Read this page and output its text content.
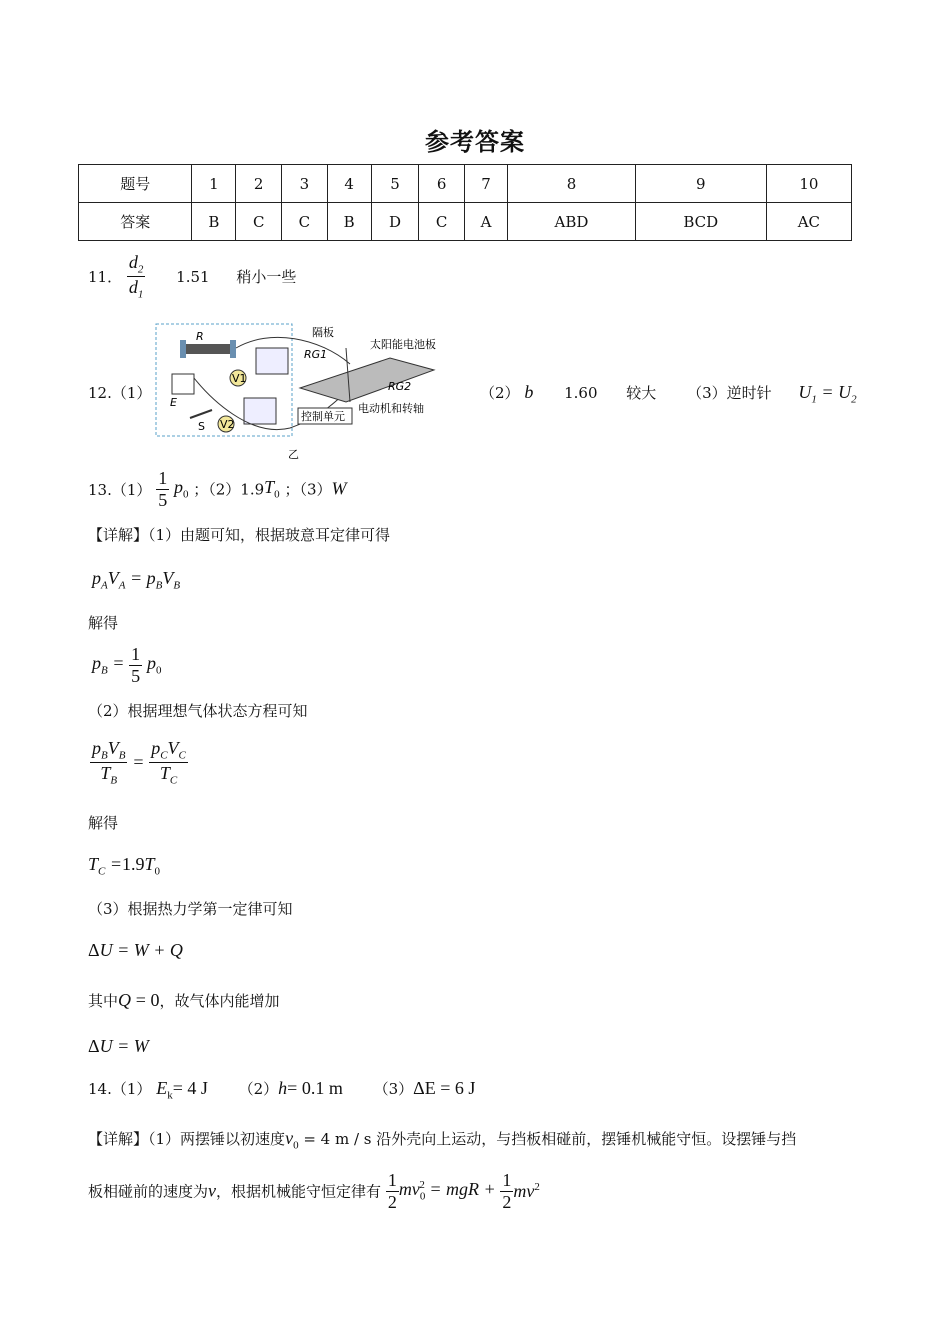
参考答案
题号	1	2	3	4	5	6	7	8	9	10
答案	B	C	C	B	D	C	A	ABD	BCD	AC
11． $\frac{d_2}{d_1} 1.51$ 稍小一些
12.（1）
R
E
S
V1
V2
隔板
太阳能电池板
RG1
RG2
控制单元
电动机和转轴
乙
（2） b 1.60 较大 （3）逆时针 $U_1 = U_2$
$13.(1) \frac{1}{5} p_0$ ；$(2)1.9T_0$ ；（3）W
【详解】（1）由题可知，根据玻意耳定律可得
$p_AV_A = p_BV_B$
解得
$p_B = \frac{1}{5} p_0$
（2）根据理想气体状态方程可知
$\frac{p_BV_B}{T_B} = \frac{p_CV_C}{T_C}$
解得
$T_C =1.9T_0$
（3）根据热力学第一定律可知
ΔU = W + Q
其中Q = 0，故气体内能增加
ΔU = W
14.（1） $E_k= 4$ J （2）h= 0.1 m （3）ΔE = 6 J
【详解】（1）两摆锤以初速度$v_0 = 4$ m / s 沿外壳向上运动，与挡板相碰前，摆锤机械能守恒。设摆锤与挡
板相碰前的速度为v，根据机械能守恒定律有 $\frac{1}{2} mv_0^2$ = mgR + $\frac{1}{2} mv^2$
